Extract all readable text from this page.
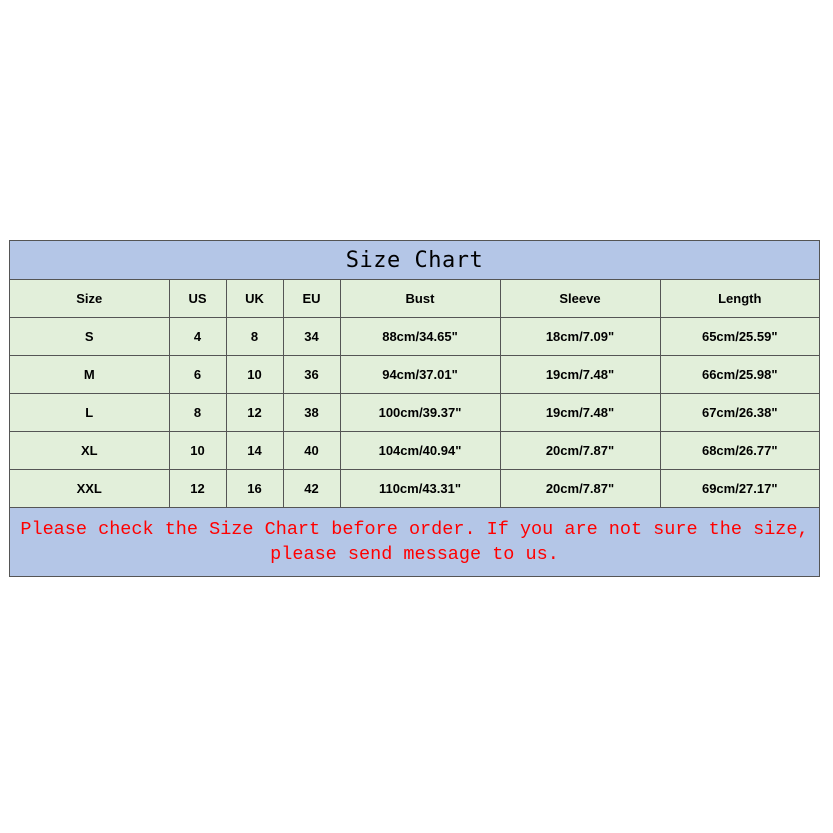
Size Chart
Size	US	UK	EU	Bust	Sleeve	Length
S	4	8	34	88cm/34.65"	18cm/7.09"	65cm/25.59"
M	6	10	36	94cm/37.01"	19cm/7.48"	66cm/25.98"
L	8	12	38	100cm/39.37"	19cm/7.48"	67cm/26.38"
XL	10	14	40	104cm/40.94"	20cm/7.87"	68cm/26.77"
XXL	12	16	42	110cm/43.31"	20cm/7.87"	69cm/27.17"
Please check the Size Chart before order. If you are not sure the size,
please send message to us.
